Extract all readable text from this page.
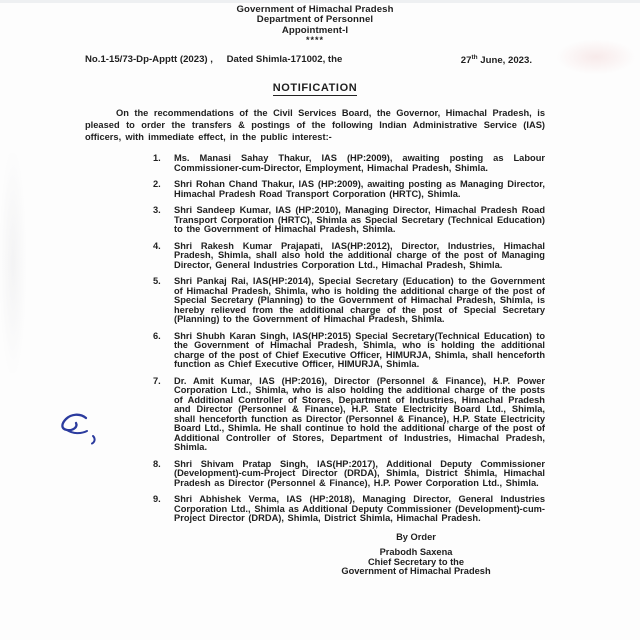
Government of Himachal Pradesh
Department of Personnel
Appointment-I
****
No.1-15/73-Dp-Apptt (2023) , Dated Shimla-171002, the	27th June, 2023.
NOTIFICATION

On the recommendations of the Civil Services Board, the Governor, Himachal Pradesh, is pleased to order the transfers & postings of the following Indian Administrative Service (IAS) officers, with immediate effect, in the public interest:-

1.	Ms. Manasi Sahay Thakur, IAS (HP:2009), awaiting posting as Labour Commissioner-cum-Director, Employment, Himachal Pradesh, Shimla.
2.	Shri Rohan Chand Thakur, IAS (HP:2009), awaiting posting as Managing Director, Himachal Pradesh Road Transport Corporation (HRTC), Shimla.
3.	Shri Sandeep Kumar, IAS (HP:2010), Managing Director, Himachal Pradesh Road Transport Corporation (HRTC), Shimla as Special Secretary (Technical Education) to the Government of Himachal Pradesh, Shimla.
4.	Shri Rakesh Kumar Prajapati, IAS(HP:2012), Director, Industries, Himachal Pradesh, Shimla, shall also hold the additional charge of the post of Managing Director, General Industries Corporation Ltd., Himachal Pradesh, Shimla.
5.	Shri Pankaj Rai, IAS(HP:2014), Special Secretary (Education) to the Government of Himachal Pradesh, Shimla, who is holding the additional charge of the post of Special Secretary (Planning) to the Government of Himachal Pradesh, Shimla, is hereby relieved from the additional charge of the post of Special Secretary (Planning) to the Government of Himachal Pradesh, Shimla.
6.	Shri Shubh Karan Singh, IAS(HP:2015) Special Secretary(Technical Education) to the Government of Himachal Pradesh, Shimla, who is holding the additional charge of the post of Chief Executive Officer, HIMURJA, Shimla, shall henceforth function as Chief Executive Officer, HIMURJA, Shimla.
7.	Dr. Amit Kumar, IAS (HP:2016), Director (Personnel & Finance), H.P. Power Corporation Ltd., Shimla, who is also holding the additional charge of the posts of Additional Controller of Stores, Department of Industries, Himachal Pradesh and Director (Personnel & Finance), H.P. State Electricity Board Ltd., Shimla, shall henceforth function as Director (Personnel & Finance), H.P. State Electricity Board Ltd., Shimla. He shall continue to hold the additional charge of the post of Additional Controller of Stores, Department of Industries, Himachal Pradesh, Shimla.
8.	Shri Shivam Pratap Singh, IAS(HP:2017), Additional Deputy Commissioner (Development)-cum-Project Director (DRDA), Shimla, District Shimla, Himachal Pradesh as Director (Personnel & Finance), H.P. Power Corporation Ltd., Shimla.
9.	Shri Abhishek Verma, IAS (HP:2018), Managing Director, General Industries Corporation Ltd., Shimla as Additional Deputy Commissioner (Development)-cum-Project Director (DRDA), Shimla, District Shimla, Himachal Pradesh.
By Order
Prabodh Saxena
Chief Secretary to the
Government of Himachal Pradesh
